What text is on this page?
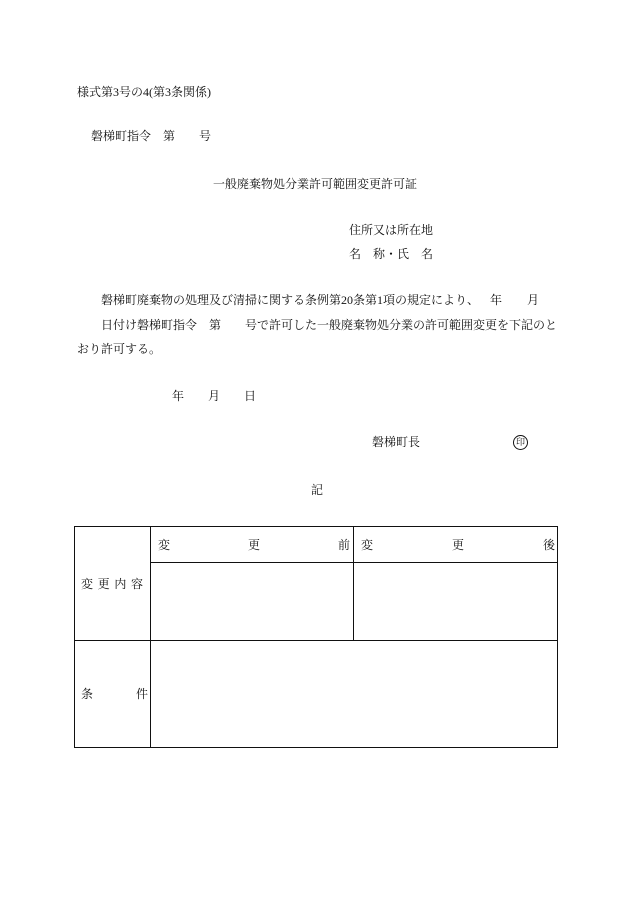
様式第3号の4(第3条関係)
磐梯町指令　第　　号
一般廃棄物処分業許可範囲変更許可証
住所又は所在地
名　称・氏　名
磐梯町廃棄物の処理及び清掃に関する条例第20条第1項の規定により、 年 月
日付け磐梯町指令　第　　号で許可した一般廃棄物処分業の許可範囲変更を下記のと
おり許可する。
年　　月　　日
磐梯町長	印
記
変更内容	変更前	変更後

条件		
